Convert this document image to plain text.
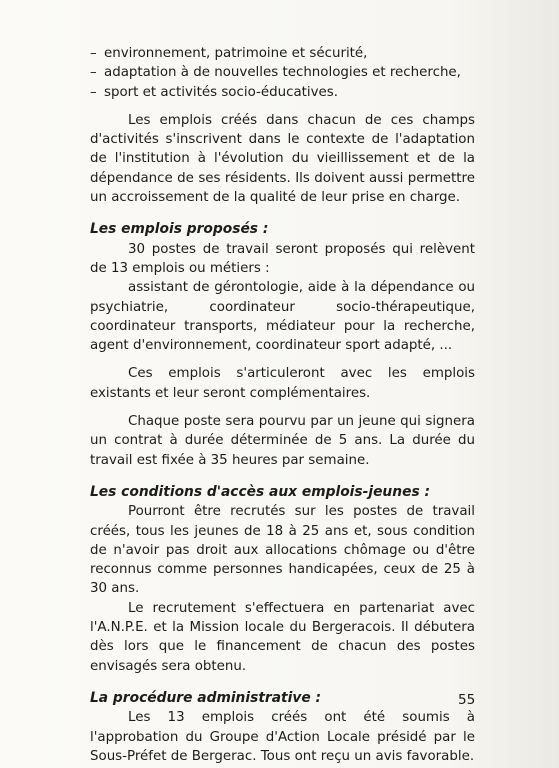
– environnement, patrimoine et sécurité,
– adaptation à de nouvelles technologies et recherche,
– sport et activités socio-éducatives.

Les emplois créés dans chacun de ces champs d'activités s'inscrivent dans le contexte de l'adaptation de l'institution à l'évolution du vieillissement et de la dépendance de ses résidents. Ils doivent aussi permettre un accroissement de la qualité de leur prise en charge.

Les emplois proposés :

30 postes de travail seront proposés qui relèvent de 13 emplois ou métiers :

assistant de gérontologie, aide à la dépendance ou psychiatrie, coordinateur socio-thérapeutique, coordinateur transports, médiateur pour la recherche, agent d'environnement, coordinateur sport adapté, ...

Ces emplois s'articuleront avec les emplois existants et leur seront complémentaires.

Chaque poste sera pourvu par un jeune qui signera un contrat à durée déterminée de 5 ans. La durée du travail est fixée à 35 heures par semaine.

Les conditions d'accès aux emplois-jeunes :

Pourront être recrutés sur les postes de travail créés, tous les jeunes de 18 à 25 ans et, sous condition de n'avoir pas droit aux allocations chômage ou d'être reconnus comme personnes handicapées, ceux de 25 à 30 ans.

Le recrutement s'effectuera en partenariat avec l'A.N.P.E. et la Mission locale du Bergeracois. Il débutera dès lors que le financement de chacun des postes envisagés sera obtenu.

La procédure administrative :

Les 13 emplois créés ont été soumis à l'approbation du Groupe d'Action Locale présidé par le Sous-Préfet de Bergerac. Tous ont reçu un avis favorable.

55
